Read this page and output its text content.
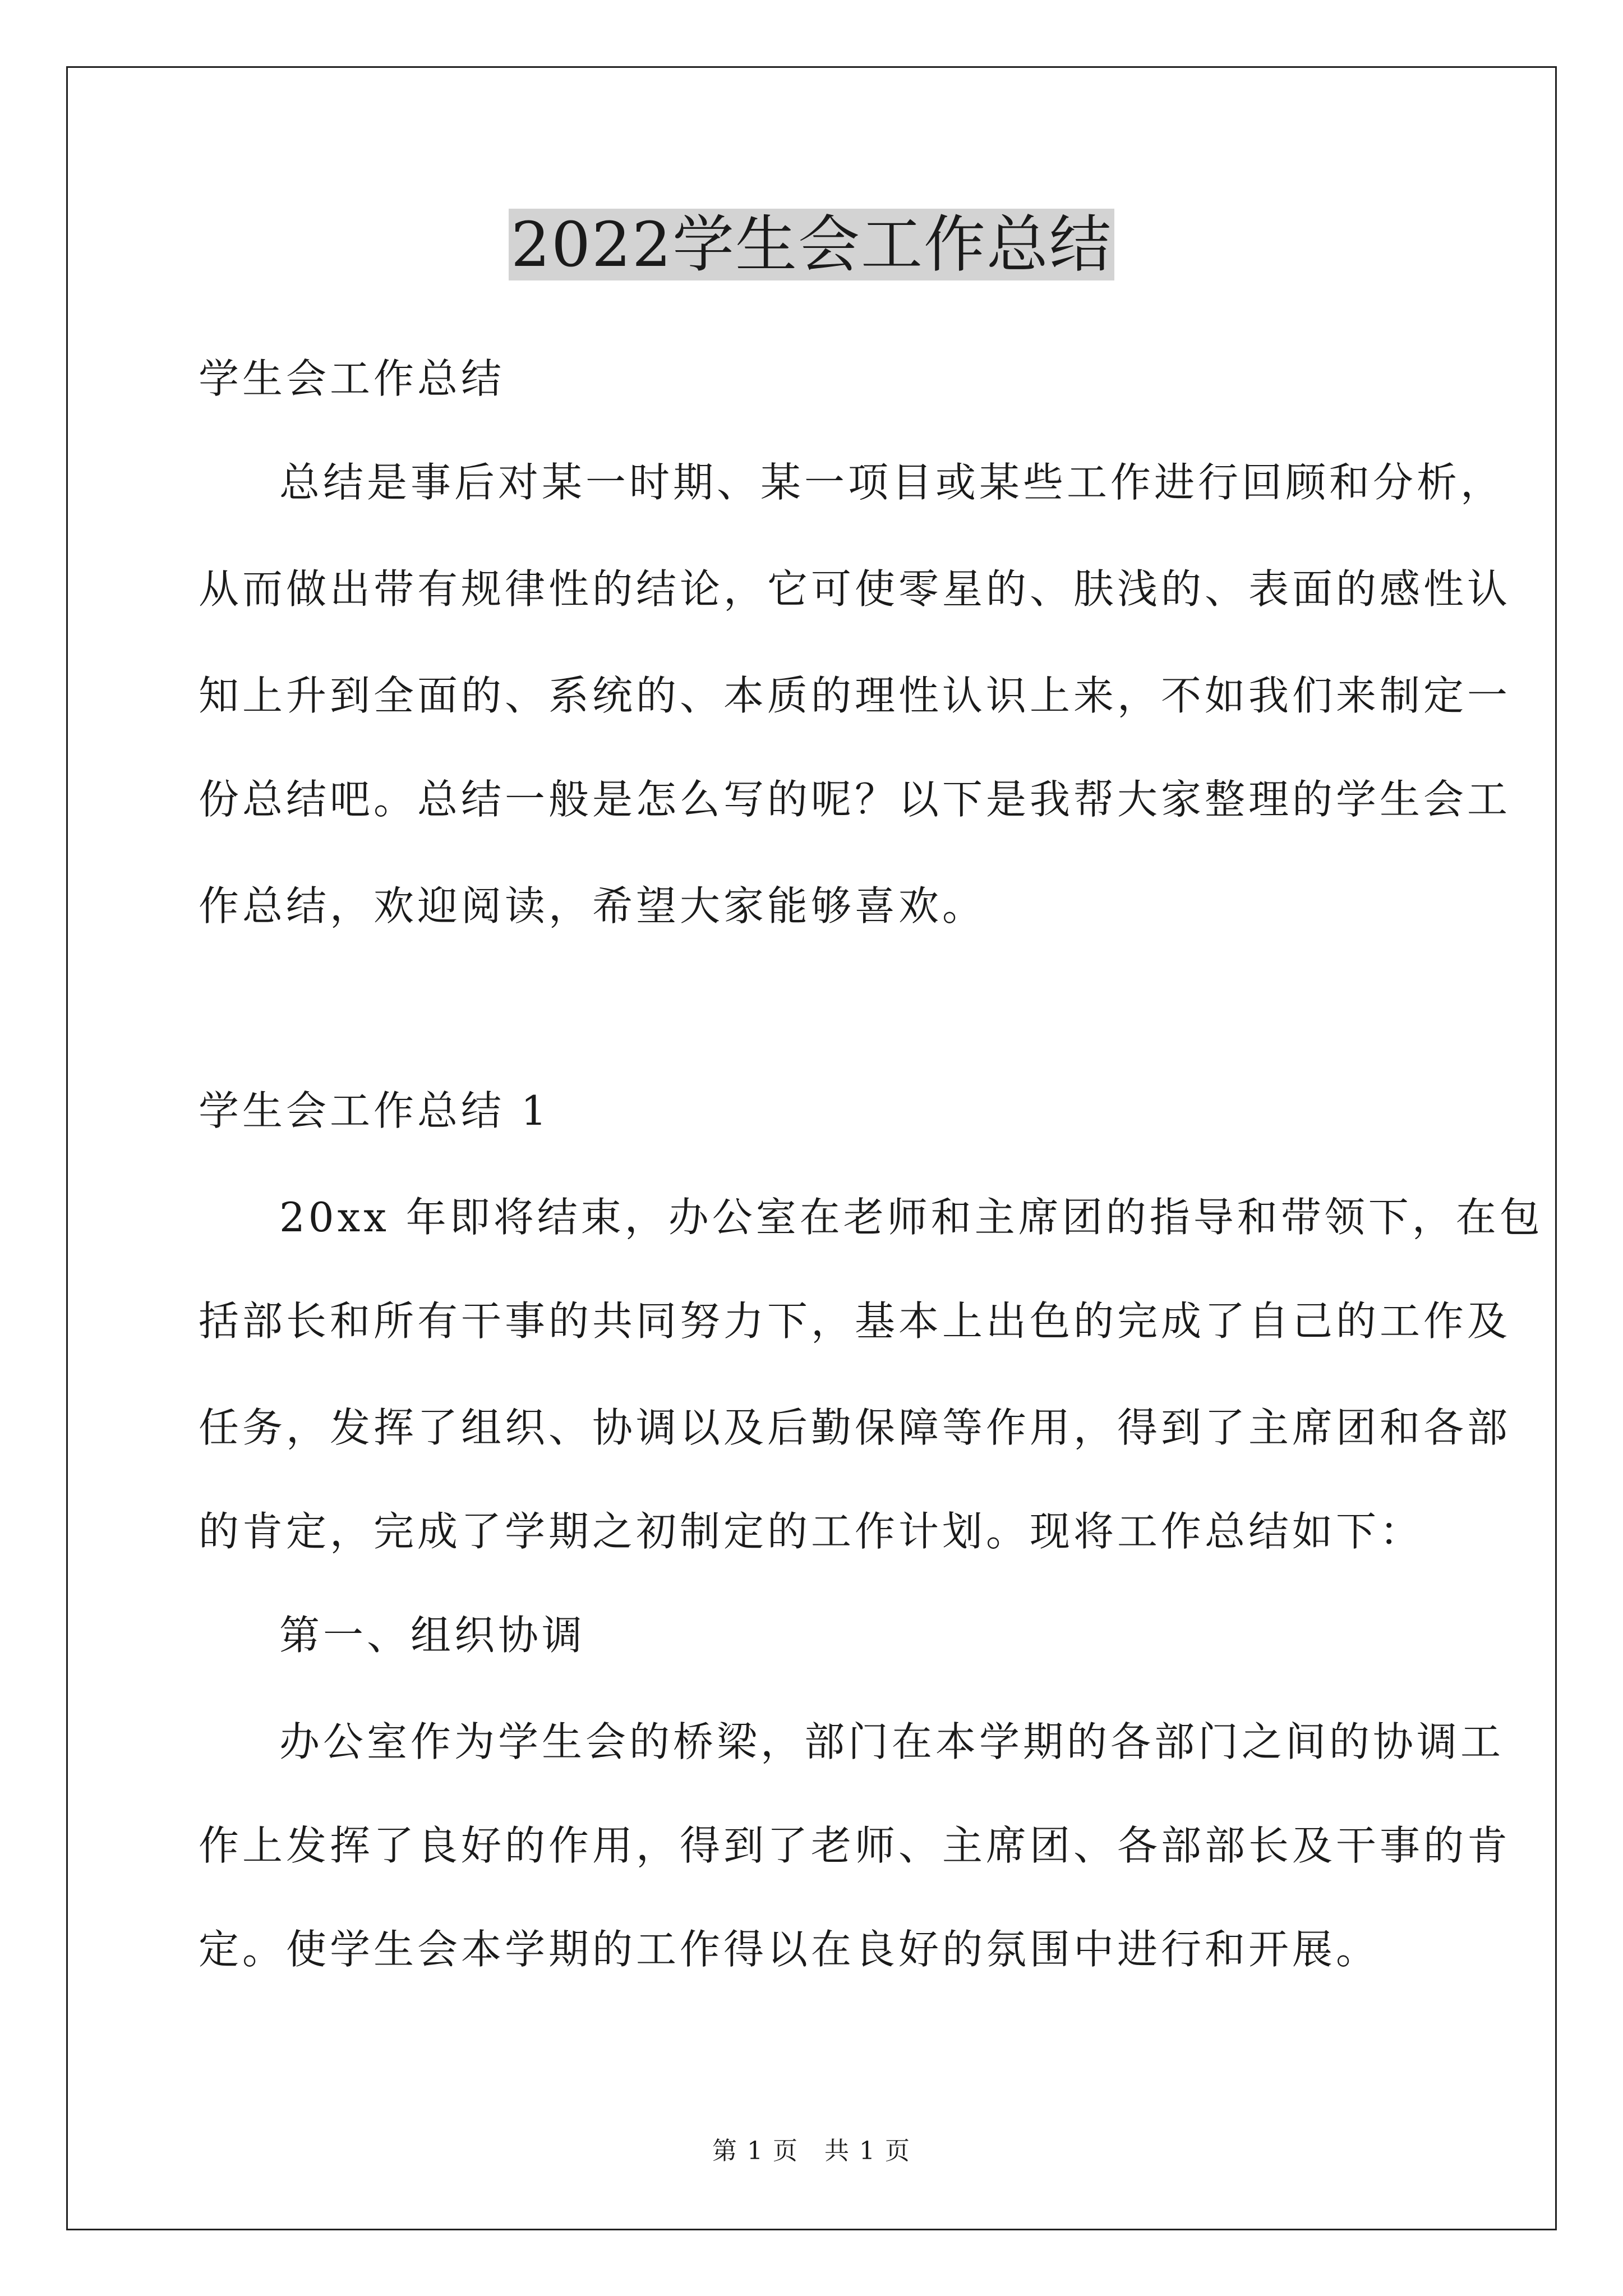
2022学生会工作总结
学生会工作总结
总结是事后对某一时期、某一项目或某些工作进行回顾和分析，
从而做出带有规律性的结论，它可使零星的、肤浅的、表面的感性认
知上升到全面的、系统的、本质的理性认识上来，不如我们来制定一
份总结吧。总结一般是怎么写的呢？以下是我帮大家整理的学生会工
作总结，欢迎阅读，希望大家能够喜欢。
学生会工作总结 1
20xx 年即将结束，办公室在老师和主席团的指导和带领下，在包
括部长和所有干事的共同努力下，基本上出色的完成了自己的工作及
任务，发挥了组织、协调以及后勤保障等作用，得到了主席团和各部
的肯定，完成了学期之初制定的工作计划。现将工作总结如下：
第一、组织协调
办公室作为学生会的桥梁，部门在本学期的各部门之间的协调工
作上发挥了良好的作用，得到了老师、主席团、各部部长及干事的肯
定。使学生会本学期的工作得以在良好的氛围中进行和开展。
第 1 页 共 1 页
